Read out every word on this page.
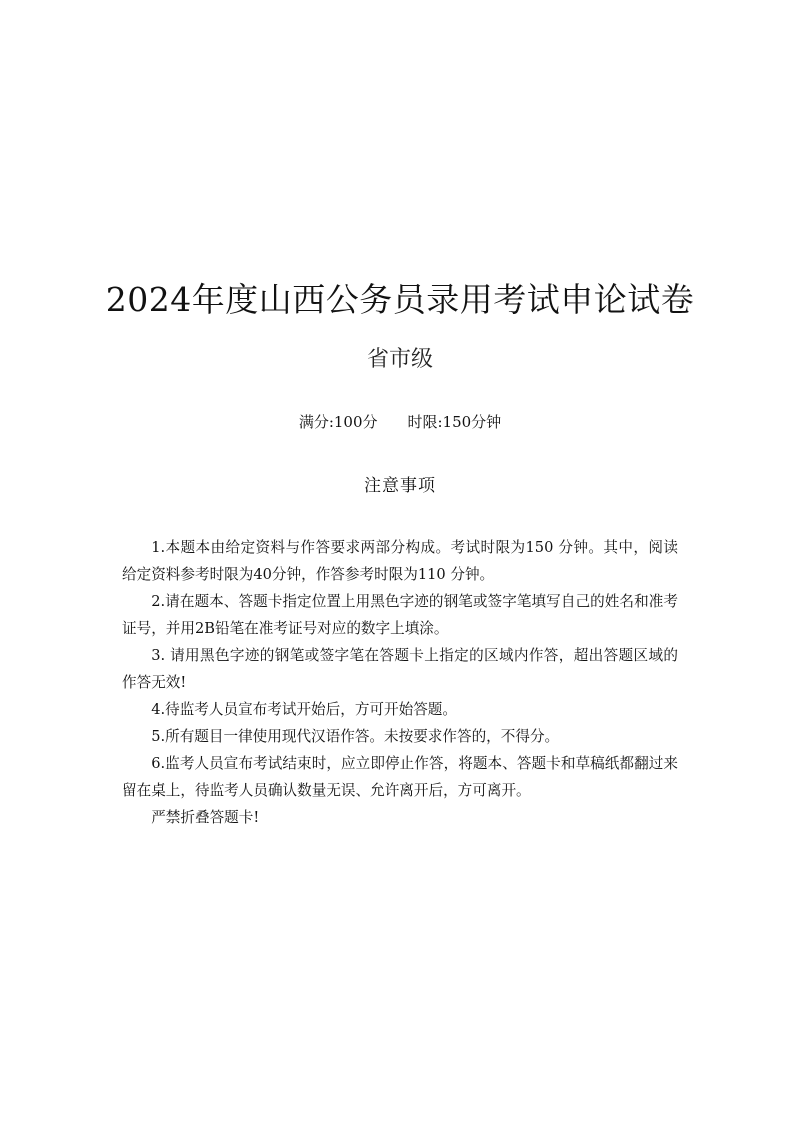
2024年度山西公务员录用考试申论试卷
省市级
满分:100分 时限:150分钟
注意事项

1.本题本由给定资料与作答要求两部分构成。考试时限为150 分钟。其中，阅读给定资料参考时限为40分钟，作答参考时限为110 分钟。

2.请在题本、答题卡指定位置上用黑色字迹的钢笔或签字笔填写自己的姓名和准考证号，并用2B铅笔在准考证号对应的数字上填涂。

3. 请用黑色字迹的钢笔或签字笔在答题卡上指定的区域内作答，超出答题区域的作答无效!

4.待监考人员宣布考试开始后，方可开始答题。

5.所有题目一律使用现代汉语作答。未按要求作答的，不得分。

6.监考人员宣布考试结束时，应立即停止作答，将题本、答题卡和草稿纸都翻过来留在桌上，待监考人员确认数量无误、允许离开后，方可离开。

严禁折叠答题卡!
